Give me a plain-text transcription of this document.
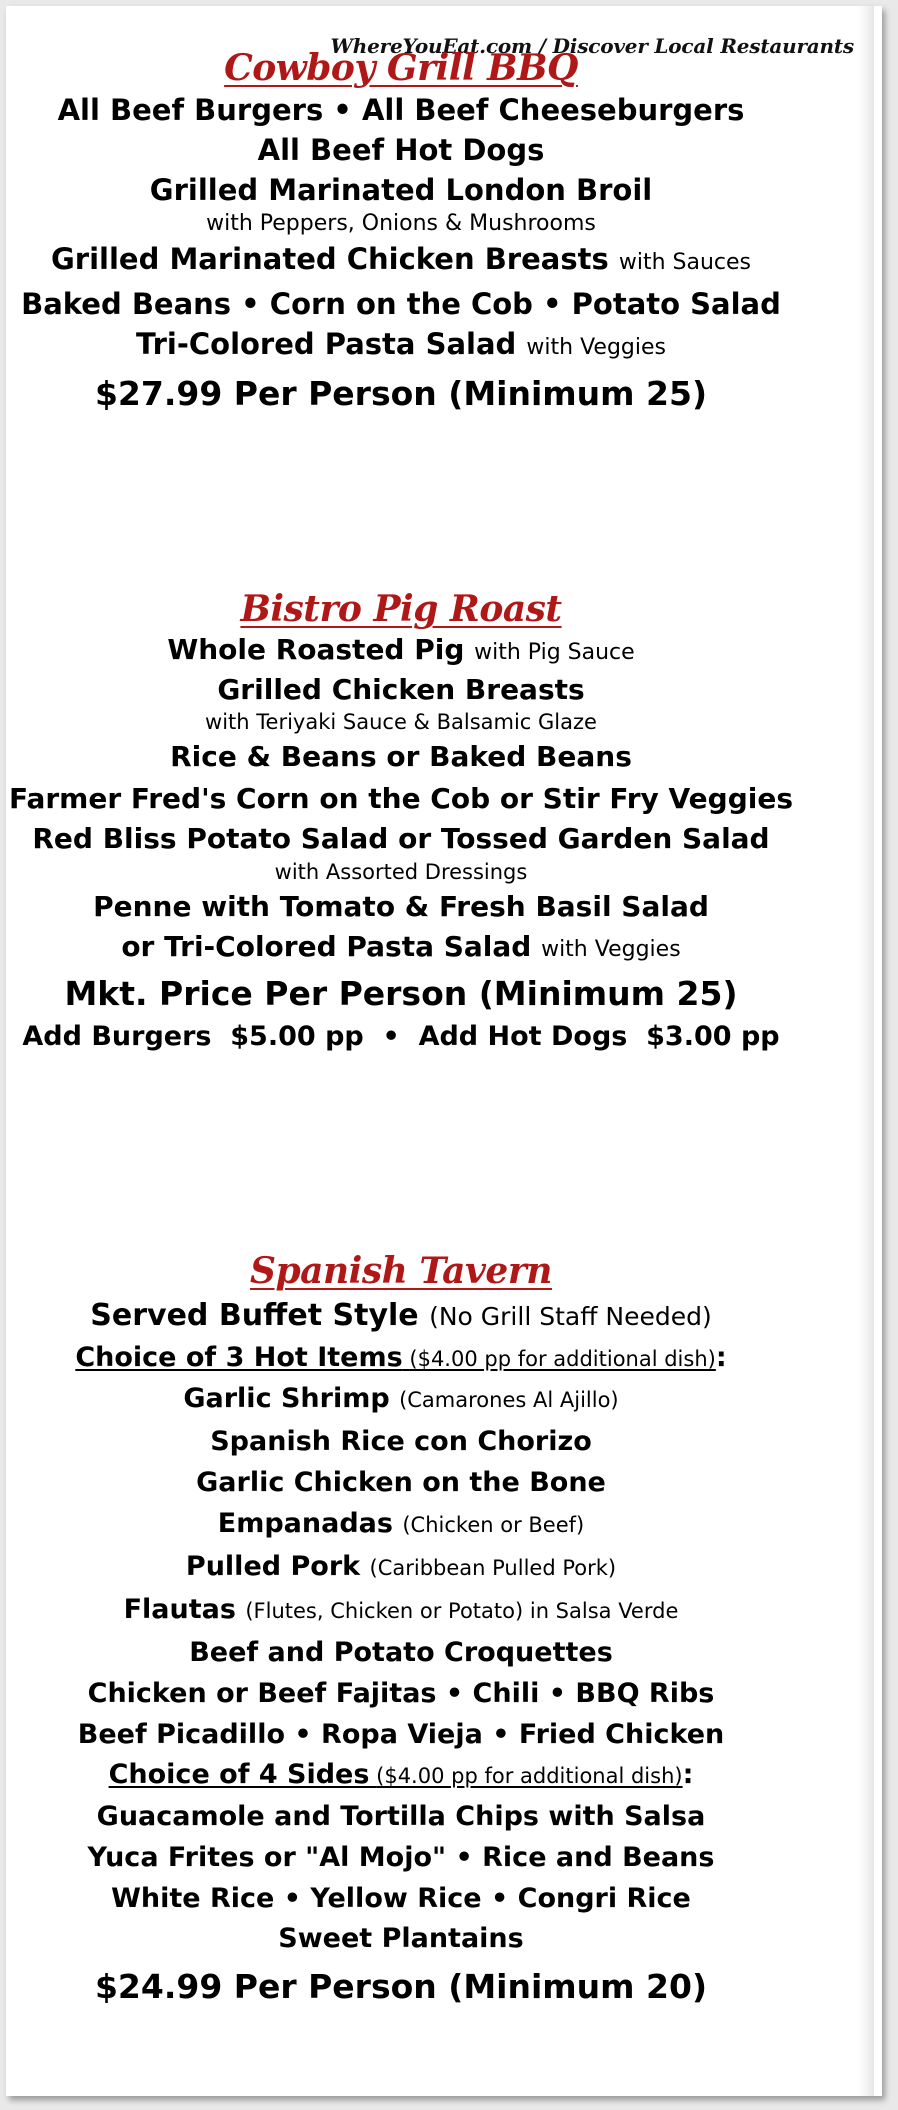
WhereYouEat.com / Discover Local Restaurants
Cowboy Grill BBQ
All Beef Burgers • All Beef Cheeseburgers
All Beef Hot Dogs
Grilled Marinated London Broil
with Peppers, Onions & Mushrooms
Grilled Marinated Chicken Breasts with Sauces
Baked Beans • Corn on the Cob • Potato Salad
Tri-Colored Pasta Salad with Veggies
$27.99 Per Person (Minimum 25)
Bistro Pig Roast
Whole Roasted Pig with Pig Sauce
Grilled Chicken Breasts
with Teriyaki Sauce & Balsamic Glaze
Rice & Beans or Baked Beans
Farmer Fred's Corn on the Cob or Stir Fry Veggies
Red Bliss Potato Salad or Tossed Garden Salad
with Assorted Dressings
Penne with Tomato & Fresh Basil Salad
or Tri-Colored Pasta Salad with Veggies
Mkt. Price Per Person (Minimum 25)
Add Burgers  $5.00 pp  •  Add Hot Dogs  $3.00 pp
Spanish Tavern
Served Buffet Style (No Grill Staff Needed)
Choice of 3 Hot Items ($4.00 pp for additional dish):
Garlic Shrimp (Camarones Al Ajillo)
Spanish Rice con Chorizo
Garlic Chicken on the Bone
Empanadas (Chicken or Beef)
Pulled Pork (Caribbean Pulled Pork)
Flautas (Flutes, Chicken or Potato) in Salsa Verde
Beef and Potato Croquettes
Chicken or Beef Fajitas • Chili • BBQ Ribs
Beef Picadillo • Ropa Vieja • Fried Chicken
Choice of 4 Sides ($4.00 pp for additional dish):
Guacamole and Tortilla Chips with Salsa
Yuca Frites or "Al Mojo" • Rice and Beans
White Rice • Yellow Rice • Congri Rice
Sweet Plantains
$24.99 Per Person (Minimum 20)
